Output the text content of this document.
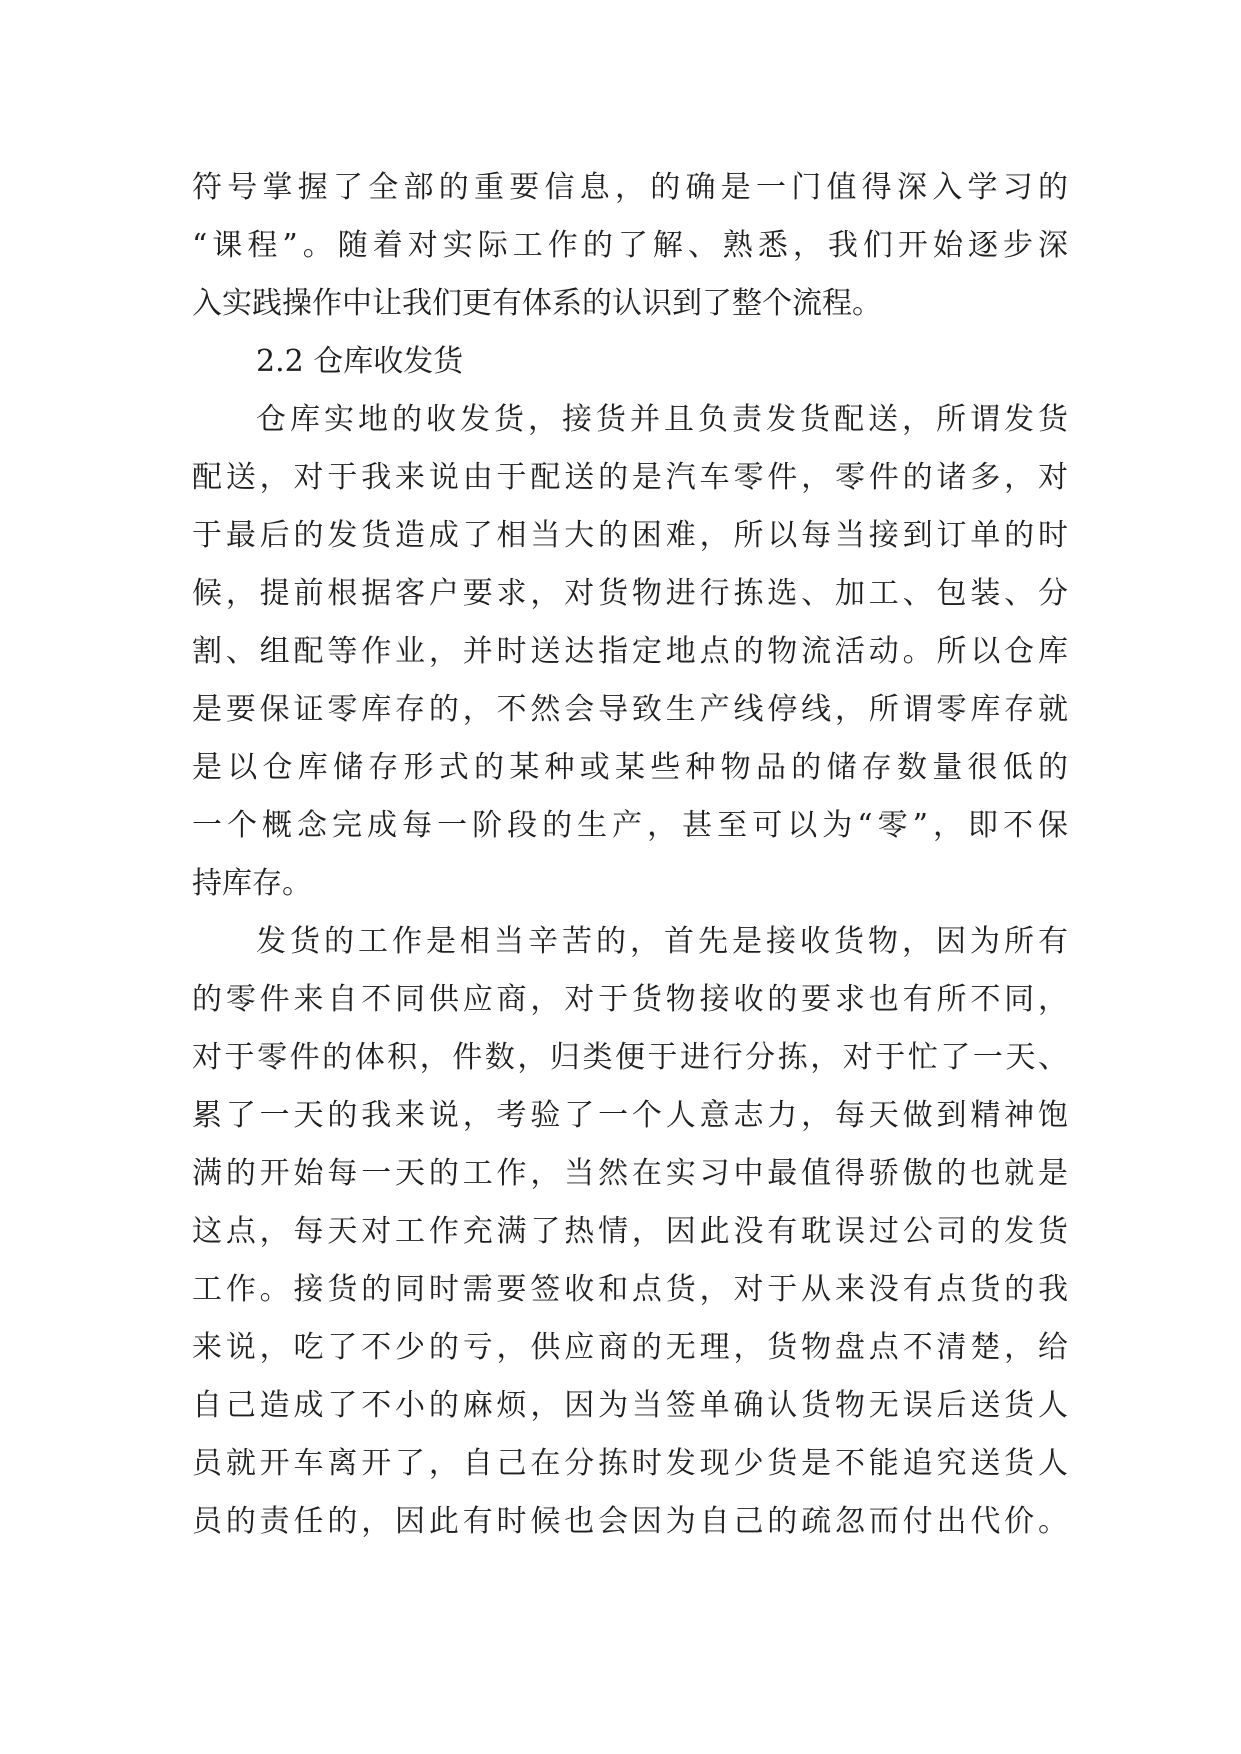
符号掌握了全部的重要信息，的确是一门值得深入学习的

“课程”。随着对实际工作的了解、熟悉，我们开始逐步深

入实践操作中让我们更有体系的认识到了整个流程。

2.2 仓库收发货

仓库实地的收发货，接货并且负责发货配送，所谓发货

配送，对于我来说由于配送的是汽车零件，零件的诸多，对

于最后的发货造成了相当大的困难，所以每当接到订单的时

候，提前根据客户要求，对货物进行拣选、加工、包装、分

割、组配等作业，并时送达指定地点的物流活动。所以仓库

是要保证零库存的，不然会导致生产线停线，所谓零库存就

是以仓库储存形式的某种或某些种物品的储存数量很低的

一个概念完成每一阶段的生产，甚至可以为“零”，即不保

持库存。

发货的工作是相当辛苦的，首先是接收货物，因为所有

的零件来自不同供应商，对于货物接收的要求也有所不同，

对于零件的体积，件数，归类便于进行分拣，对于忙了一天、

累了一天的我来说，考验了一个人意志力，每天做到精神饱

满的开始每一天的工作，当然在实习中最值得骄傲的也就是

这点，每天对工作充满了热情，因此没有耽误过公司的发货

工作。接货的同时需要签收和点货，对于从来没有点货的我

来说，吃了不少的亏，供应商的无理，货物盘点不清楚，给

自己造成了不小的麻烦，因为当签单确认货物无误后送货人

员就开车离开了，自己在分拣时发现少货是不能追究送货人

员的责任的，因此有时候也会因为自己的疏忽而付出代价。
